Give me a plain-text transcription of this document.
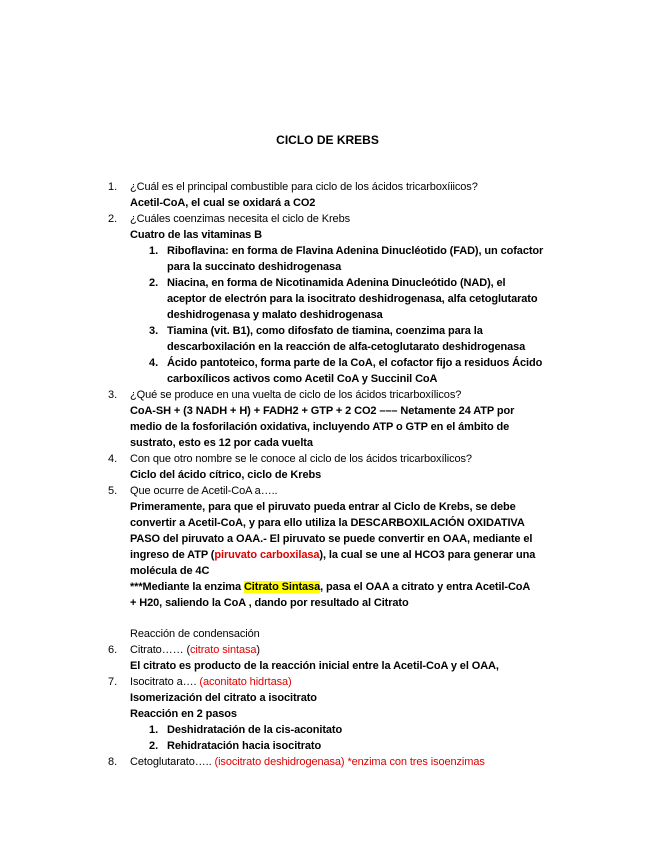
CICLO DE KREBS
1. ¿Cuál es el principal combustible para ciclo de los ácidos tricarboxíiicos?
Acetil-CoA, el cual se oxidará a CO2
2. ¿Cuáles coenzimas necesita el ciclo de Krebs
Cuatro de las vitaminas B
1. Riboflavina: en forma de Flavina Adenina Dinucléotido (FAD), un cofactor
para la succinato deshidrogenasa
2. Niacina, en forma de Nicotinamida Adenina Dinucleótido (NAD), el
aceptor de electrón para la isocitrato deshidrogenasa, alfa cetoglutarato
deshidrogenasa y malato deshidrogenasa
3. Tiamina (vit. B1), como difosfato de tiamina, coenzima para la
descarboxilación en la reacción de alfa-cetoglutarato deshidrogenasa
4. Ácido pantoteico, forma parte de la CoA, el cofactor fijo a residuos Ácido
carboxílicos activos como Acetil CoA y Succinil CoA
3. ¿Qué se produce en una vuelta de ciclo de los ácidos tricarboxílicos?
CoA-SH + (3 NADH + H) + FADH2 + GTP + 2 CO2 ––– Netamente 24 ATP por
medio de la fosforilación oxidativa, incluyendo ATP o GTP en el ámbito de
sustrato, esto es 12 por cada vuelta
4. Con que otro nombre se le conoce al ciclo de los ácidos tricarboxílicos?
Ciclo del ácido cítrico, ciclo de Krebs
5. Que ocurre de Acetil-CoA a…..
Primeramente, para que el piruvato pueda entrar al Ciclo de Krebs, se debe
convertir a Acetil-CoA, y para ello utiliza la DESCARBOXILACIÓN OXIDATIVA
PASO del piruvato a OAA.- El piruvato se puede convertir en OAA, mediante el
ingreso de ATP (piruvato carboxilasa), la cual se une al HCO3 para generar una
molécula de 4C
***Mediante la enzima Citrato Sintasa, pasa el OAA a citrato y entra Acetil-CoA
+ H20, saliendo la CoA , dando por resultado al Citrato
Reacción de condensación
6. Citrato…… (citrato sintasa)
El citrato es producto de la reacción inicial entre la Acetil-CoA y el OAA,
7. Isocitrato a…. (aconitato hidrtasa)
Isomerización del citrato a isocitrato
Reacción en 2 pasos
1. Deshidratación de la cis-aconitato
2. Rehidratación hacia isocitrato
8. Cetoglutarato….. (isocitrato deshidrogenasa) *enzima con tres isoenzimas
